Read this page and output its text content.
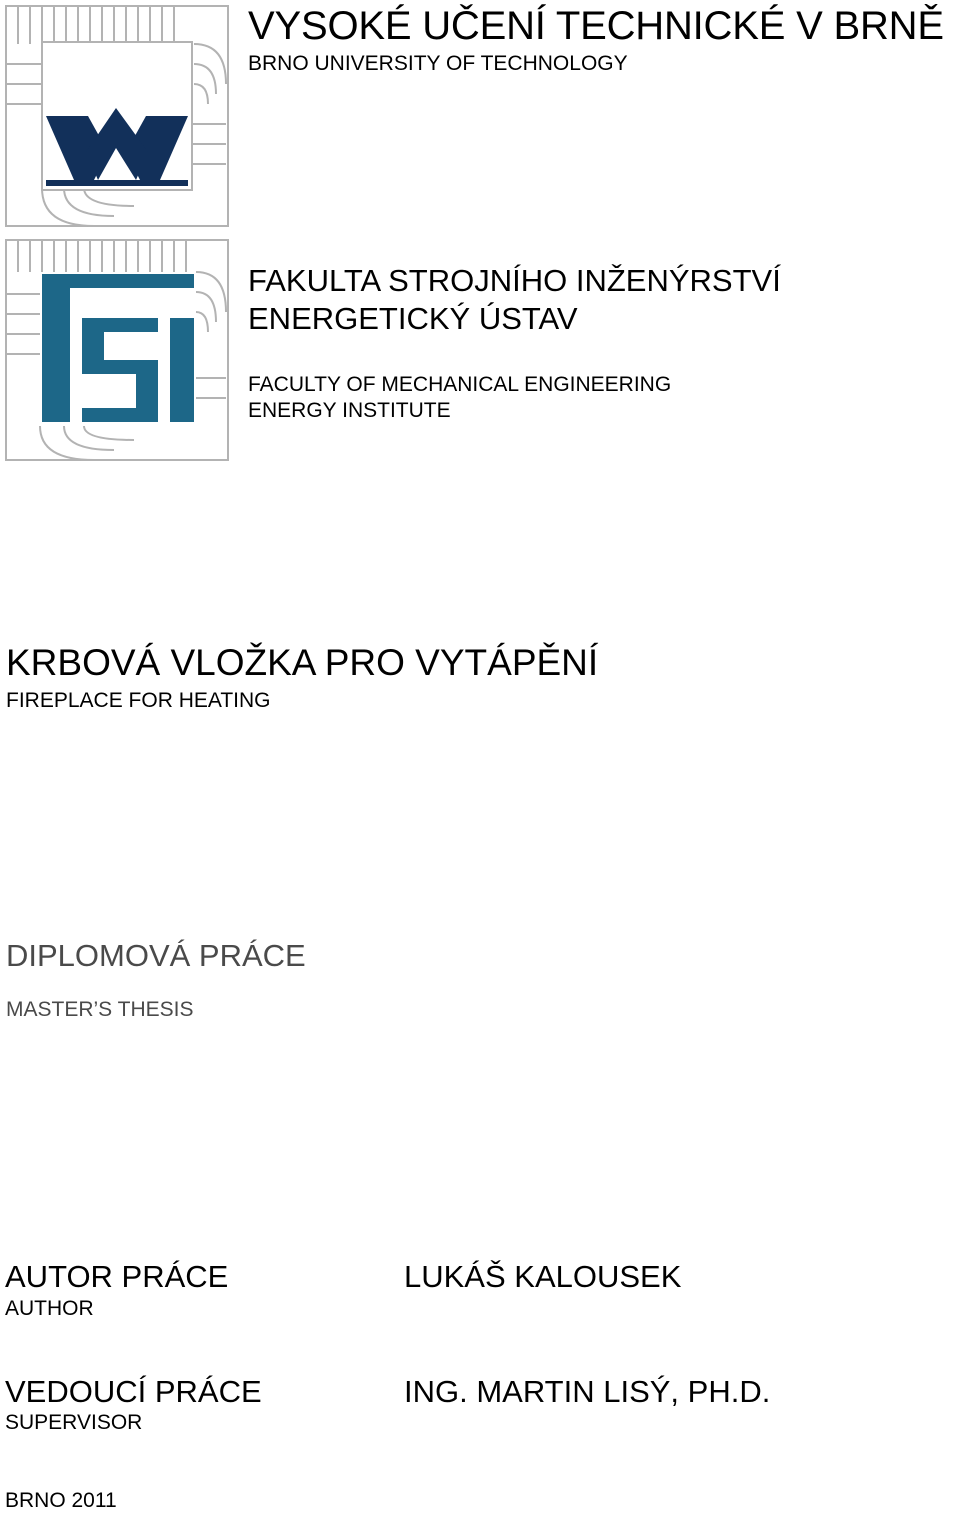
VYSOKÉ UČENÍ TECHNICKÉ V BRNĚ
BRNO UNIVERSITY OF TECHNOLOGY
FAKULTA STROJNÍHO INŽENÝRSTVÍ
ENERGETICKÝ ÚSTAV
FACULTY OF MECHANICAL ENGINEERING
ENERGY INSTITUTE
KRBOVÁ VLOŽKA PRO VYTÁPĚNÍ
FIREPLACE FOR HEATING
DIPLOMOVÁ PRÁCE
MASTER’S THESIS
AUTOR PRÁCE
AUTHOR
LUKÁŠ KALOUSEK
VEDOUCÍ PRÁCE
SUPERVISOR
ING. MARTIN LISÝ, PH.D.
BRNO 2011
